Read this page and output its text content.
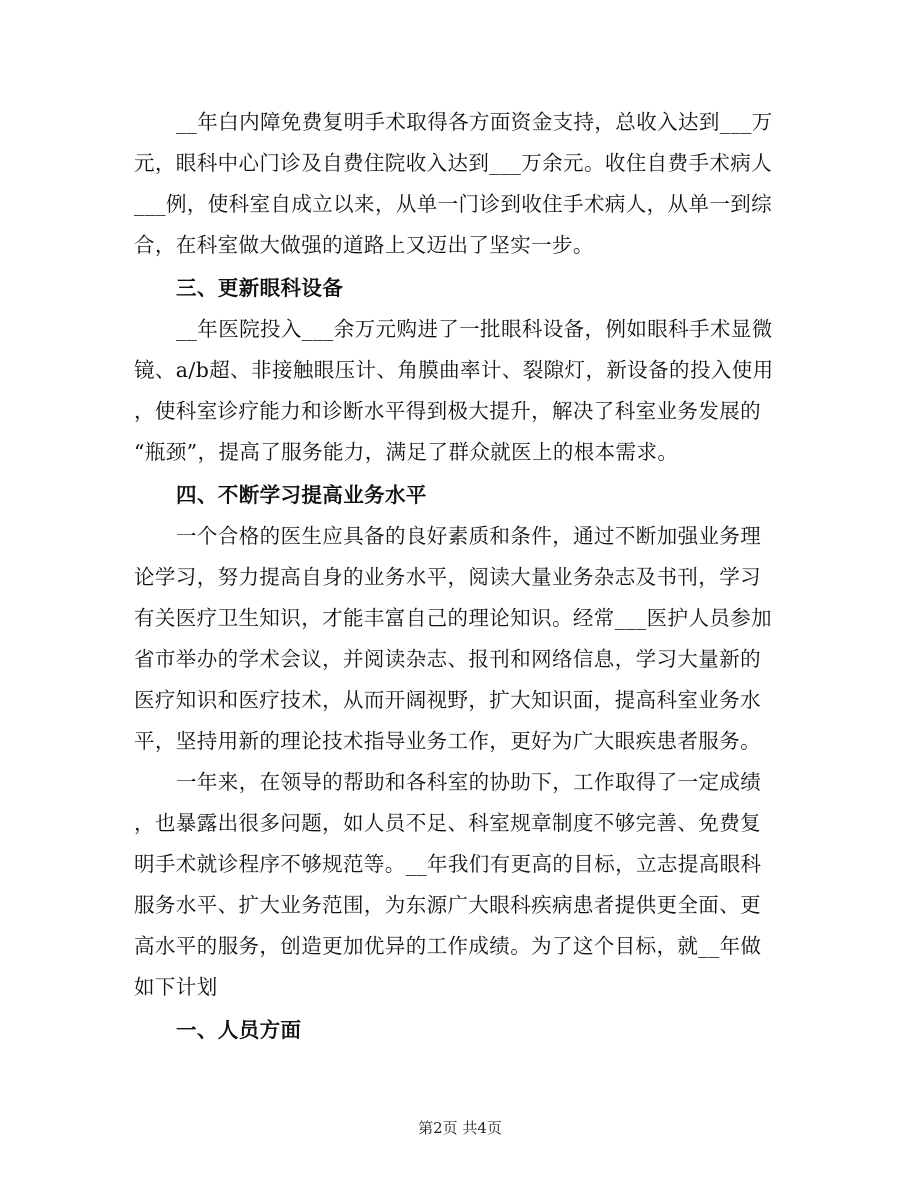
__年白内障免费复明手术取得各方面资金支持，总收入达到___万
元，眼科中心门诊及自费住院收入达到___万余元。收住自费手术病人
___例，使科室自成立以来，从单一门诊到收住手术病人，从单一到综
合，在科室做大做强的道路上又迈出了坚实一步。
三、更新眼科设备
__年医院投入___余万元购进了一批眼科设备，例如眼科手术显微
镜、a/b超、非接触眼压计、角膜曲率计、裂隙灯，新设备的投入使用
，使科室诊疗能力和诊断水平得到极大提升，解决了科室业务发展的
“瓶颈”，提高了服务能力，满足了群众就医上的根本需求。
四、不断学习提高业务水平
一个合格的医生应具备的良好素质和条件，通过不断加强业务理
论学习，努力提高自身的业务水平，阅读大量业务杂志及书刊，学习
有关医疗卫生知识，才能丰富自己的理论知识。经常___医护人员参加
省市举办的学术会议，并阅读杂志、报刊和网络信息，学习大量新的
医疗知识和医疗技术，从而开阔视野，扩大知识面，提高科室业务水
平，坚持用新的理论技术指导业务工作，更好为广大眼疾患者服务。
一年来，在领导的帮助和各科室的协助下，工作取得了一定成绩
，也暴露出很多问题，如人员不足、科室规章制度不够完善、免费复
明手术就诊程序不够规范等。__年我们有更高的目标，立志提高眼科
服务水平、扩大业务范围，为东源广大眼科疾病患者提供更全面、更
高水平的服务，创造更加优异的工作成绩。为了这个目标，就__年做
如下计划
一、人员方面
第2页 共4页
